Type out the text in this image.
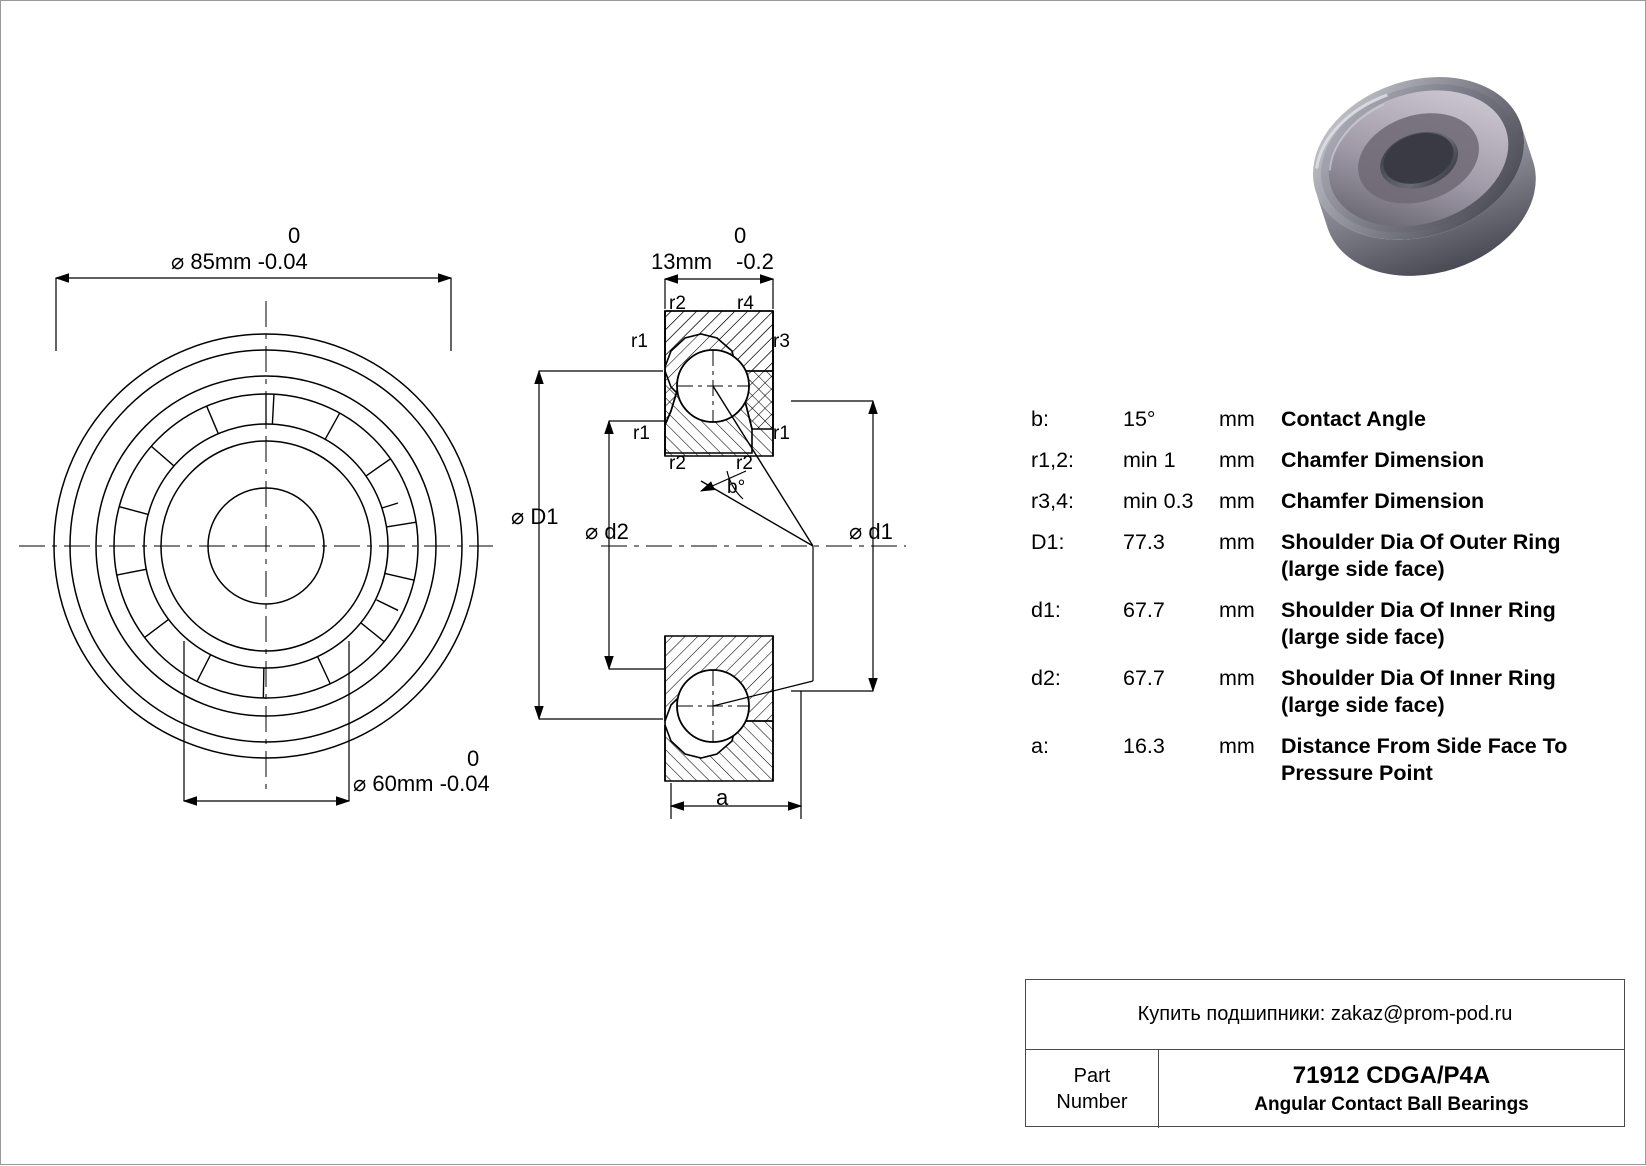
0
⌀ 85mm -0.04
0
⌀ 60mm -0.04
0
13mm -0.2
r2	r4
r1	r3
r1	r1
r2	r2
b°
a
⌀ D1
⌀ d2	⌀ d1
b:	15°	mm	Contact Angle
r1,2:	min 1	mm	Chamfer Dimension
r3,4:	min 0.3	mm	Chamfer Dimension
D1:	77.3	mm	Shoulder Dia Of Outer Ring
(large side face)
d1:	67.7	mm	Shoulder Dia Of Inner Ring
(large side face)
d2:	67.7	mm	Shoulder Dia Of Inner Ring
(large side face)
a:	16.3	mm	Distance From Side Face To
Pressure Point
Купить подшипники: zakaz@prom-pod.ru
Part
Number
71912 CDGA/P4A
Angular Contact Ball Bearings
